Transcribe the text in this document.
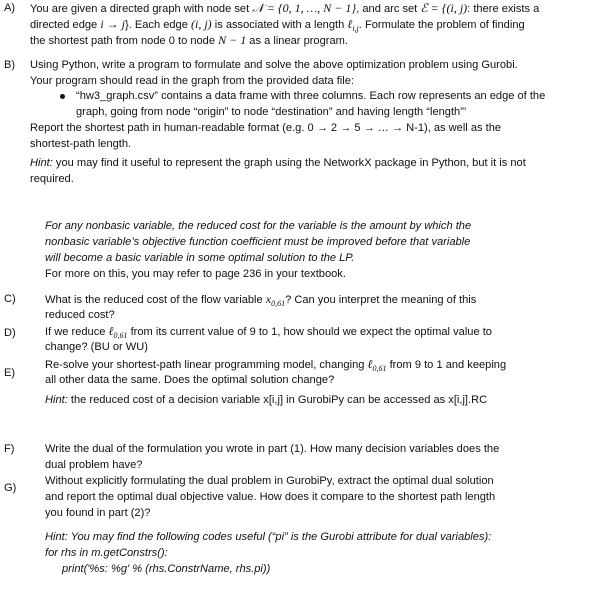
A) You are given a directed graph with node set 𝒩 = {0, 1, …, N − 1}, and arc set ℰ = {(i, j): there exists a
directed edge i → j}. Each edge (i, j) is associated with a length ℓ$_{i,j}$. Formulate the problem of finding
the shortest path from node 0 to node N − 1 as a linear program.
B) Using Python, write a program to formulate and solve the above optimization problem using Gurobi.
Your program should read in the graph from the provided data file:
“hw3_graph.csv” contains a data frame with three columns. Each row represents an edge of the
graph, going from node “origin” to node “destination” and having length “length”’
Report the shortest path in human-readable format (e.g. 0 → 2 → 5 → … → N-1), as well as the
shortest-path length.
Hint: you may find it useful to represent the graph using the NetworkX package in Python, but it is not
required.
For any nonbasic variable, the reduced cost for the variable is the amount by which the
nonbasic variable’s objective function coefficient must be improved before that variable
will become a basic variable in some optimal solution to the LP.
For more on this, you may refer to page 236 in your textbook.
C)	What is the reduced cost of the flow variable $x_{0,61}$? Can you interpret the meaning of this
reduced cost?
D)	If we reduce ℓ$_{0,61}$ from its current value of 9 to 1, how should we expect the optimal value to
change? (BU or WU)
E)
Re-solve your shortest-path linear programming model, changing ℓ$_{0,61}$ from 9 to 1 and keeping
all other data the same. Does the optimal solution change?
Hint: the reduced cost of a decision variable x[i,j] in GurobiPy can be accessed as x[i,j].RC
F)	Write the dual of the formulation you wrote in part (1). How many decision variables does the
dual problem have?
G)
Without explicitly formulating the dual problem in GurobiPy, extract the optimal dual solution
and report the optimal dual objective value. How does it compare to the shortest path length
you found in part (2)?
Hint: You may find the following codes useful (“pi” is the Gurobi attribute for dual variables):
for rhs in m.getConstrs():
print('%s: %g' % (rhs.ConstrName, rhs.pi))
